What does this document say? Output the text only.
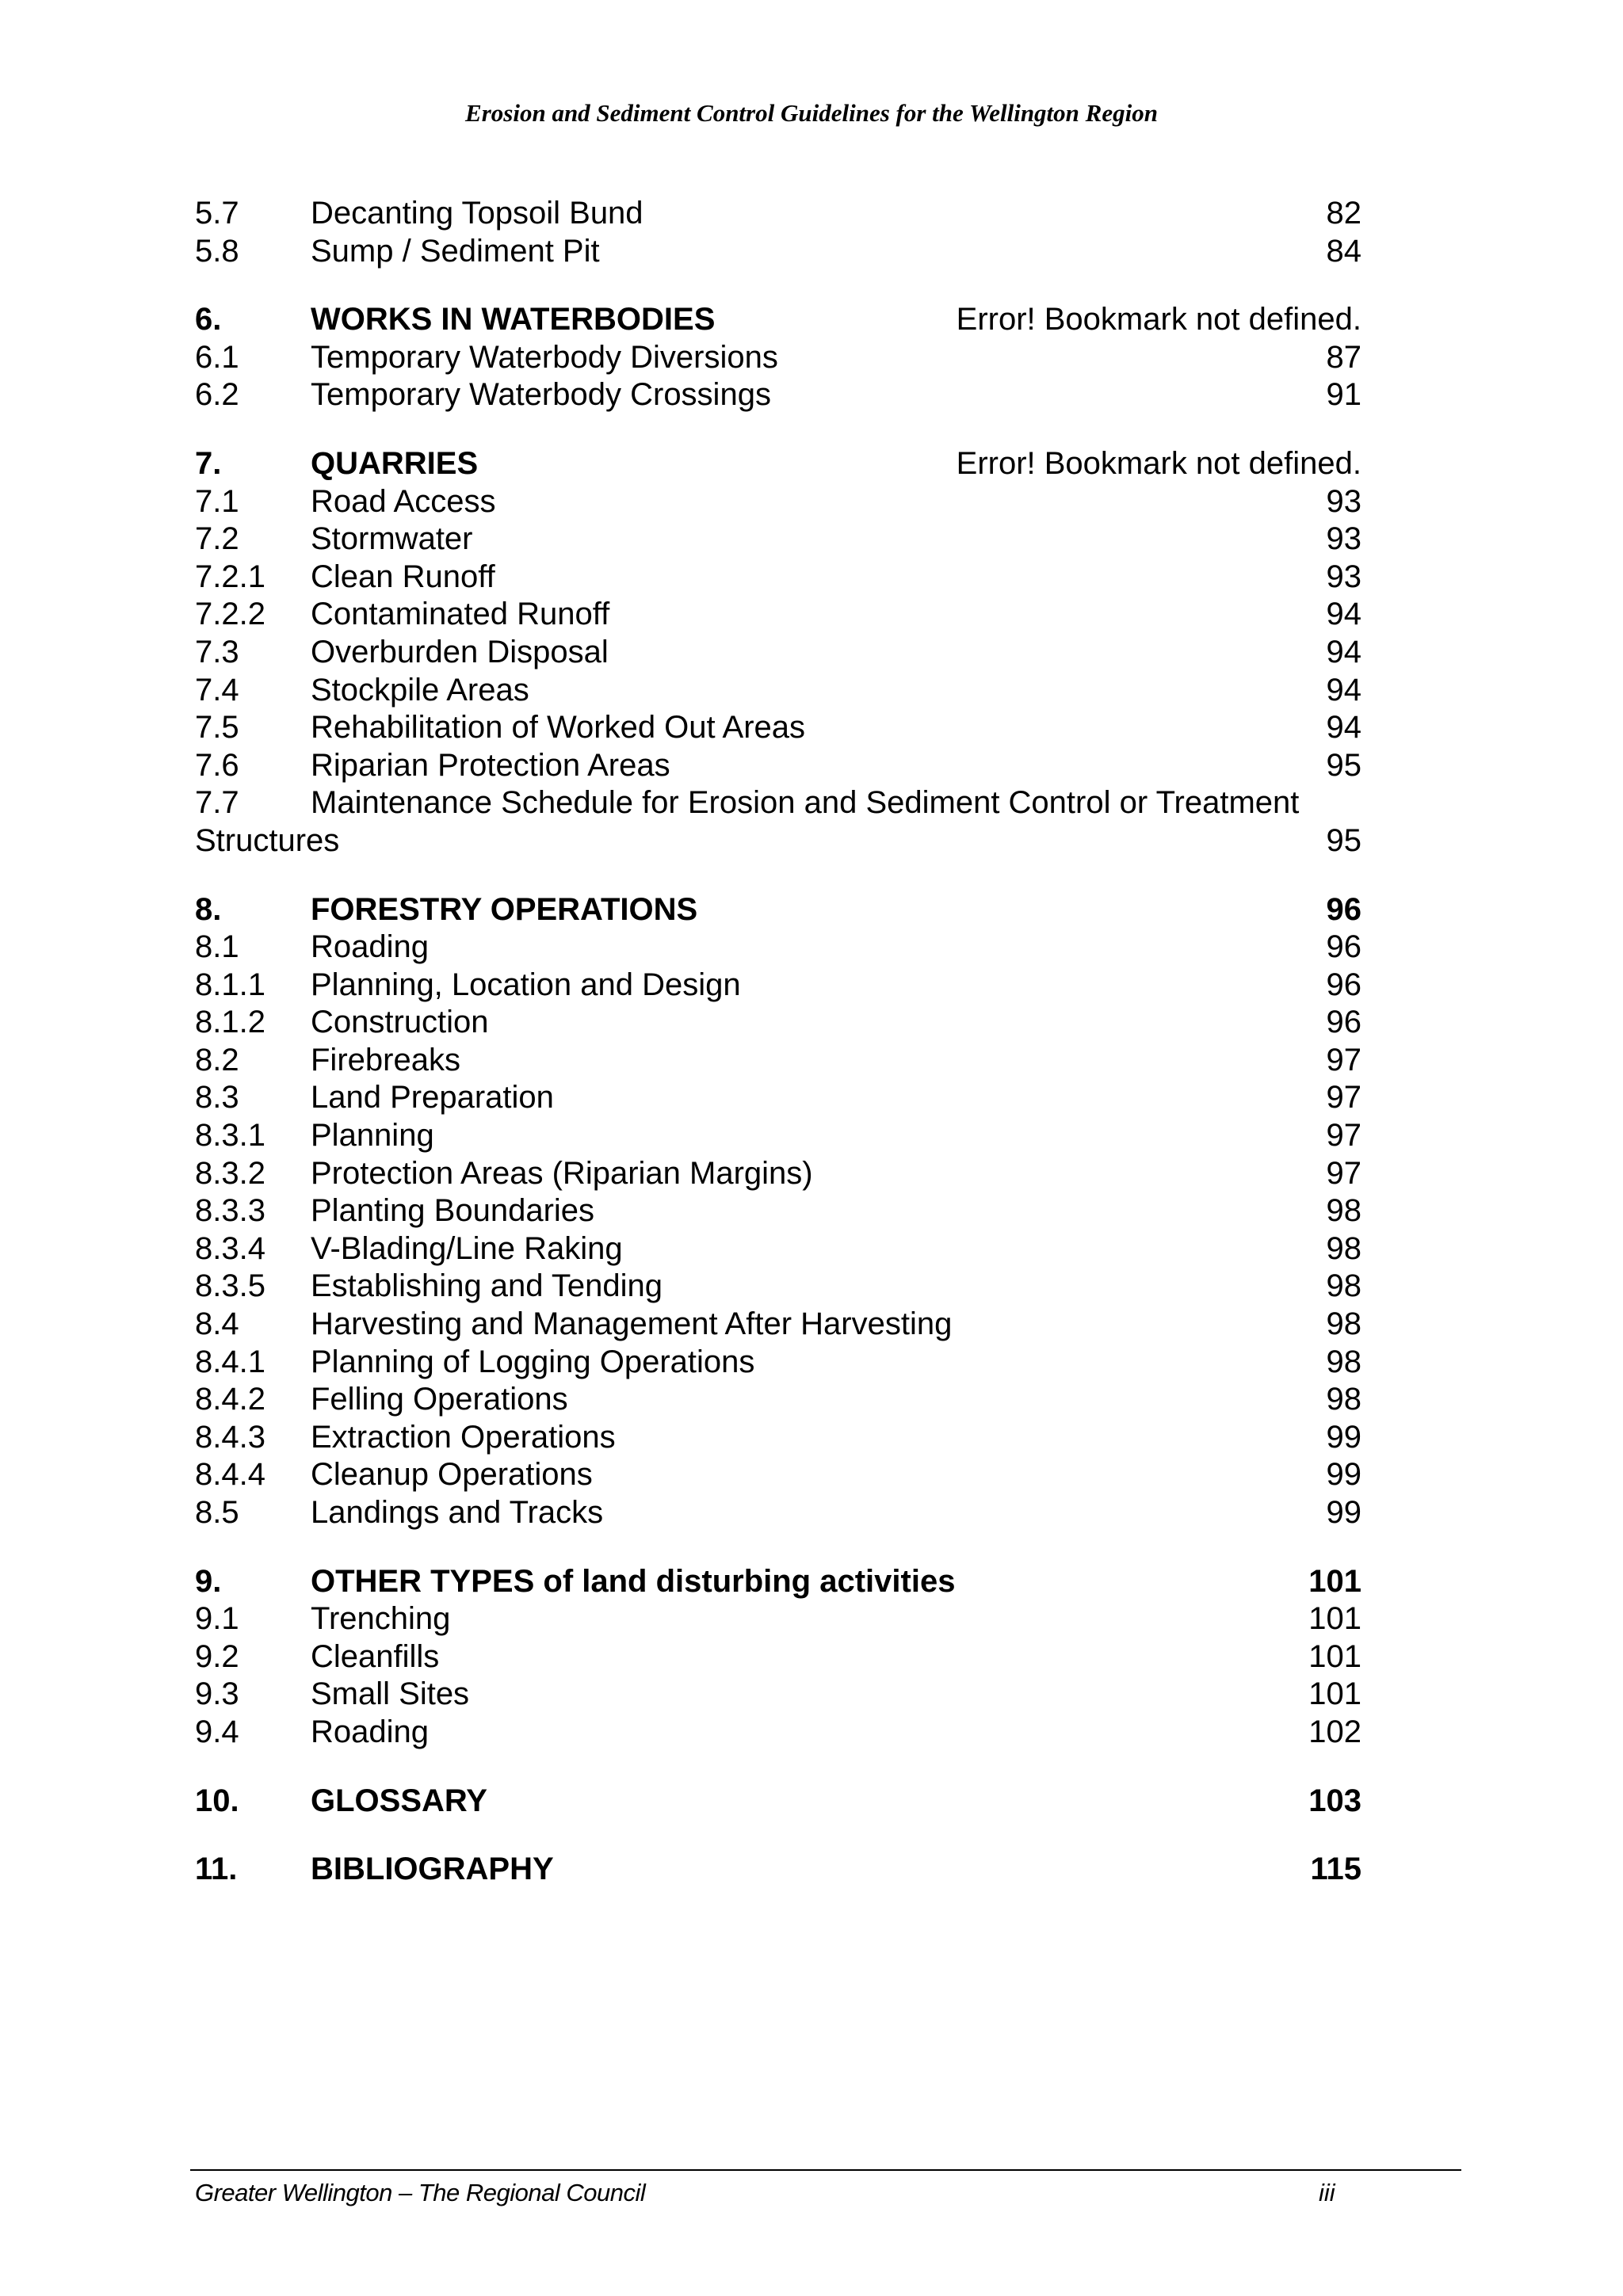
Erosion and Sediment Control Guidelines for the Wellington Region
5.7 Decanting Topsoil Bund	82
5.8 Sump / Sediment Pit	84
6.	WORKS IN WATERBODIES	Error! Bookmark not defined.
6.1 Temporary Waterbody Diversions	87
6.2 Temporary Waterbody Crossings	91
7.	QUARRIES	Error! Bookmark not defined.
7.1 Road Access	93
7.2 Stormwater	93
7.2.1 Clean Runoff	93
7.2.2 Contaminated Runoff	94
7.3 Overburden Disposal	94
7.4 Stockpile Areas	94
7.5 Rehabilitation of Worked Out Areas	94
7.6 Riparian Protection Areas	95
7.7 Maintenance Schedule for Erosion and Sediment Control or Treatment
Structures	95
8.	FORESTRY OPERATIONS	96
8.1 Roading	96
8.1.1 Planning, Location and Design	96
8.1.2 Construction	96
8.2 Firebreaks	97
8.3 Land Preparation	97
8.3.1 Planning	97
8.3.2 Protection Areas (Riparian Margins)	97
8.3.3 Planting Boundaries	98
8.3.4 V-Blading/Line Raking	98
8.3.5 Establishing and Tending	98
8.4 Harvesting and Management After Harvesting	98
8.4.1 Planning of Logging Operations	98
8.4.2 Felling Operations	98
8.4.3 Extraction Operations	99
8.4.4 Cleanup Operations	99
8.5 Landings and Tracks	99
9.	OTHER TYPES of land disturbing activities	101
9.1 Trenching	101
9.2 Cleanfills	101
9.3 Small Sites	101
9.4 Roading	102
10. GLOSSARY	103
11. BIBLIOGRAPHY	115
Greater Wellington – The Regional Council	iii
